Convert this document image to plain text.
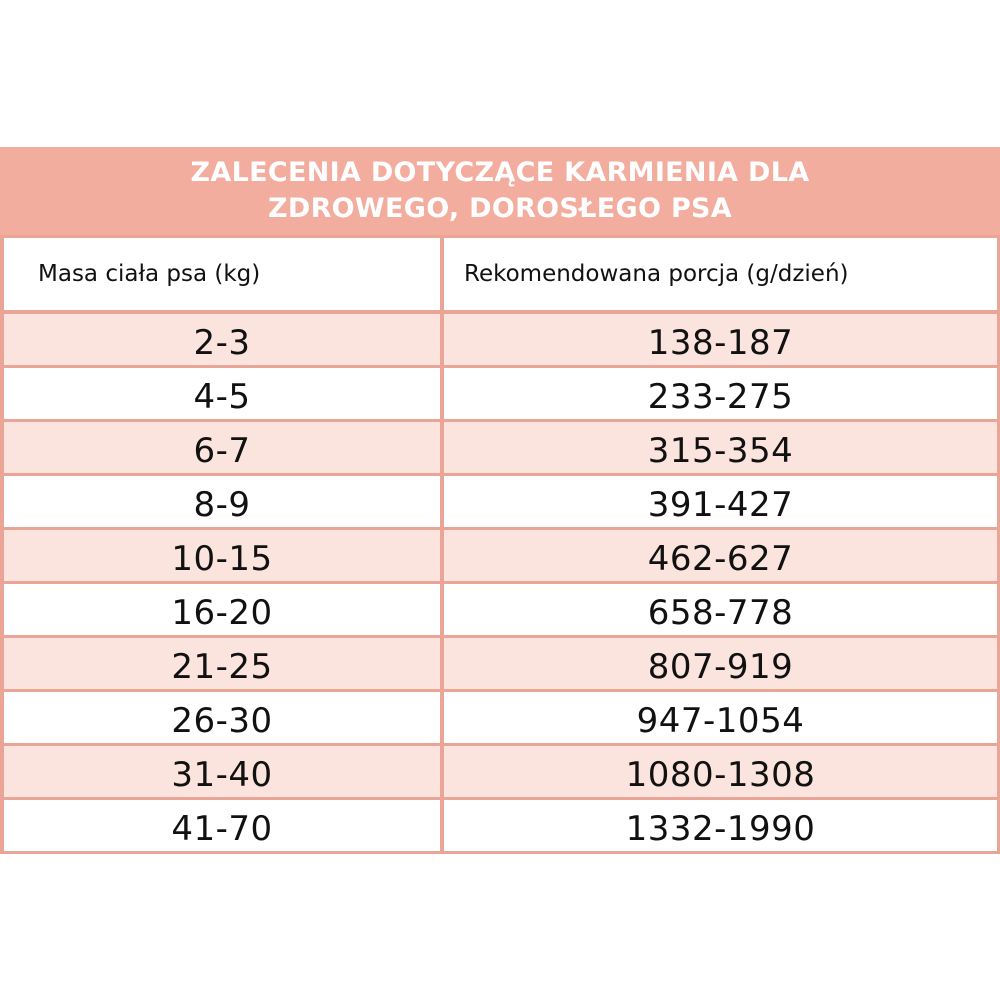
ZALECENIA DOTYCZĄCE KARMIENIA DLA
ZDROWEGO, DOROSŁEGO PSA
Masa ciała psa (kg)	Rekomendowana porcja (g/dzień)
2-3	138-187
4-5	233-275
6-7	315-354
8-9	391-427
10-15	462-627
16-20	658-778
21-25	807-919
26-30	947-1054
31-40	1080-1308
41-70	1332-1990
